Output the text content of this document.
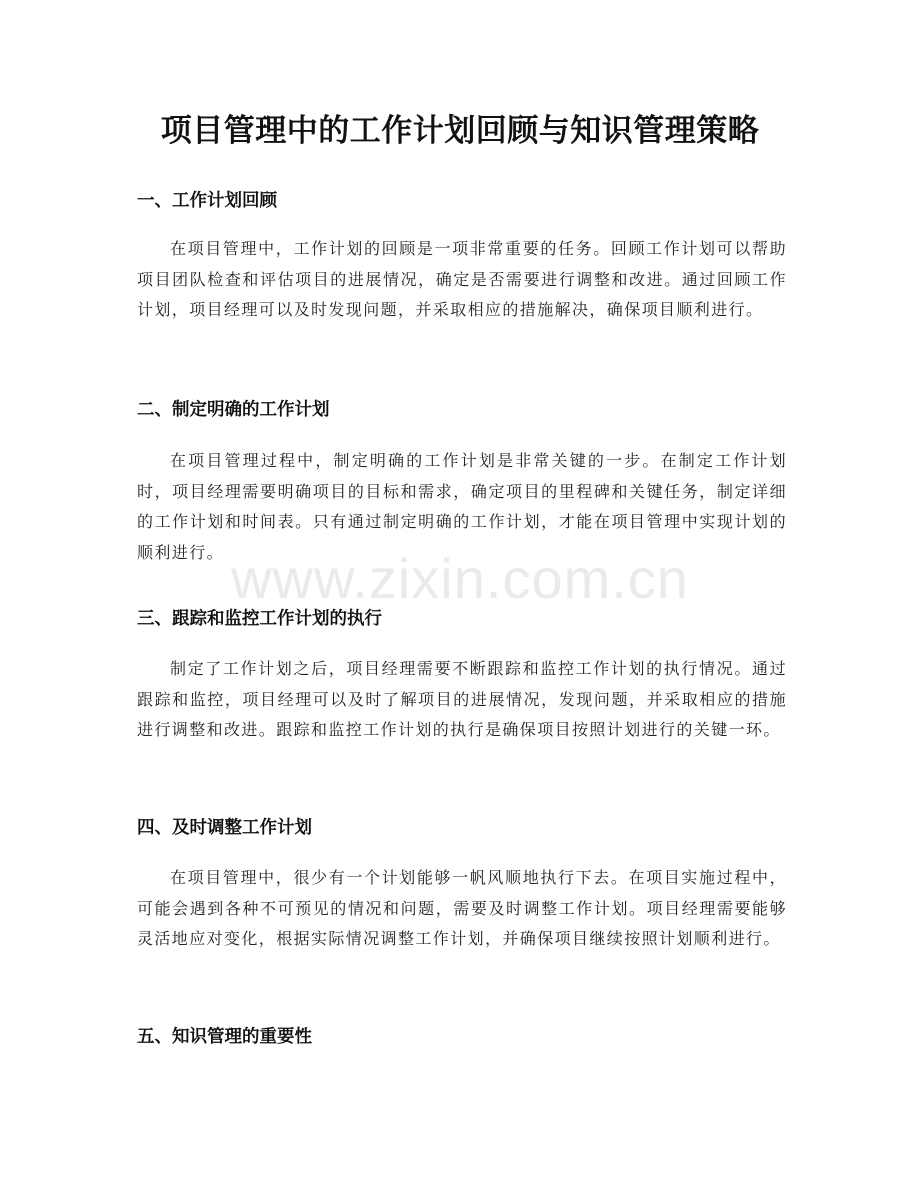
项目管理中的工作计划回顾与知识管理策略
一、工作计划回顾
在项目管理中，工作计划的回顾是一项非常重要的任务。回顾工作计划可以帮助项目团队检查和评估项目的进展情况，确定是否需要进行调整和改进。通过回顾工作计划，项目经理可以及时发现问题，并采取相应的措施解决，确保项目顺利进行。
二、制定明确的工作计划
在项目管理过程中，制定明确的工作计划是非常关键的一步。在制定工作计划时，项目经理需要明确项目的目标和需求，确定项目的里程碑和关键任务，制定详细的工作计划和时间表。只有通过制定明确的工作计划，才能在项目管理中实现计划的顺利进行。
三、跟踪和监控工作计划的执行
制定了工作计划之后，项目经理需要不断跟踪和监控工作计划的执行情况。通过跟踪和监控，项目经理可以及时了解项目的进展情况，发现问题，并采取相应的措施进行调整和改进。跟踪和监控工作计划的执行是确保项目按照计划进行的关键一环。
四、及时调整工作计划
在项目管理中，很少有一个计划能够一帆风顺地执行下去。在项目实施过程中，可能会遇到各种不可预见的情况和问题，需要及时调整工作计划。项目经理需要能够灵活地应对变化，根据实际情况调整工作计划，并确保项目继续按照计划顺利进行。
五、知识管理的重要性
www.zixin.com.cn
